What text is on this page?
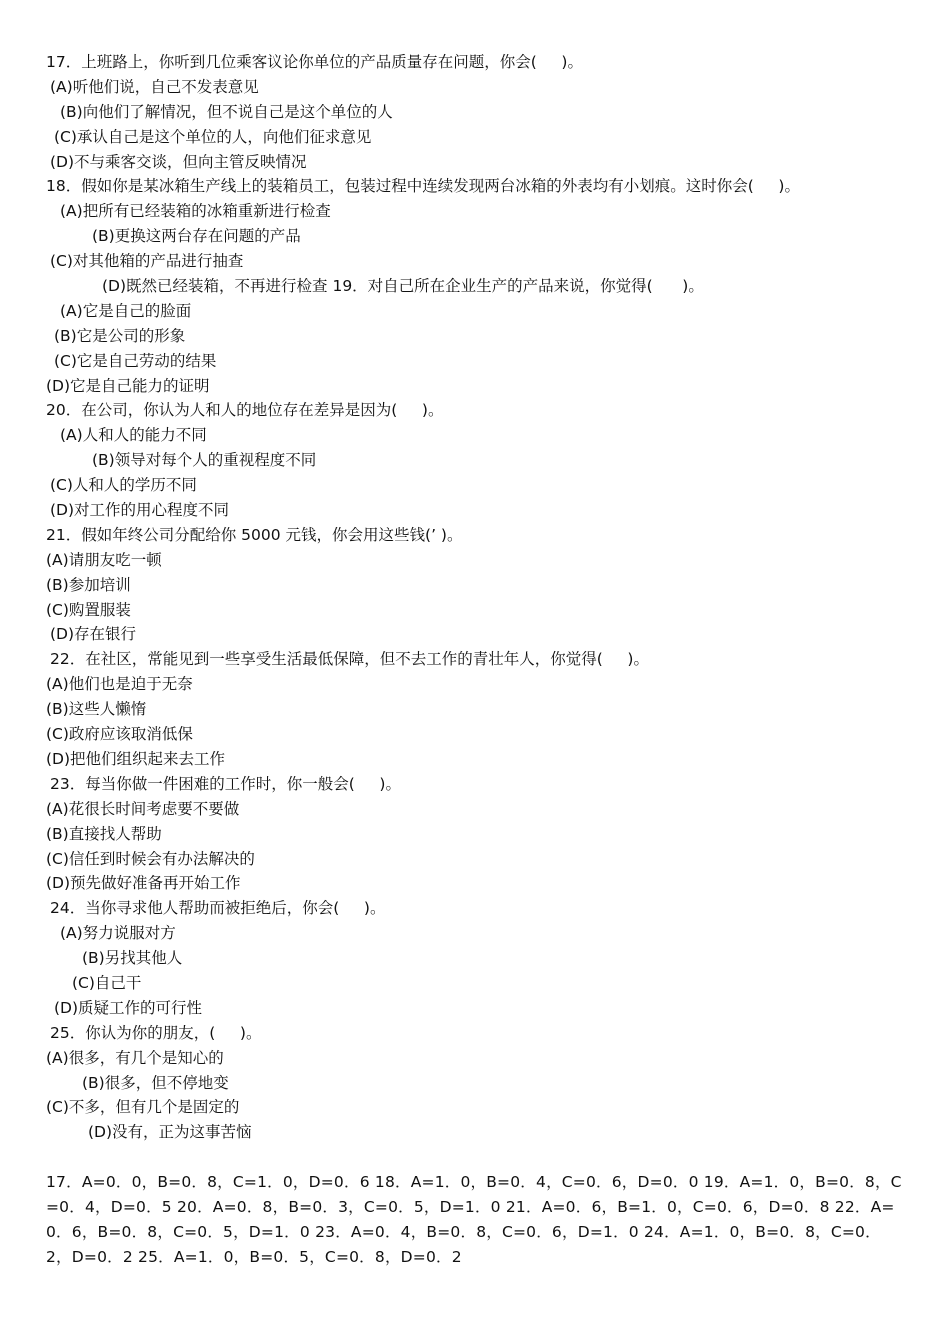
17．上班路上，你听到几位乘客议论你单位的产品质量存在问题，你会(     )。
(A)听他们说，自己不发表意见
(B)向他们了解情况，但不说自己是这个单位的人
(C)承认自己是这个单位的人，向他们征求意见
(D)不与乘客交谈，但向主管反映情况
18．假如你是某冰箱生产线上的装箱员工，包装过程中连续发现两台冰箱的外表均有小划痕。这时你会(     )。
(A)把所有已经装箱的冰箱重新进行检查
(B)更换这两台存在问题的产品
(C)对其他箱的产品进行抽查
(D)既然已经装箱，不再进行检查 19．对自己所在企业生产的产品来说，你觉得(      )。
(A)它是自己的脸面
(B)它是公司的形象
(C)它是自己劳动的结果
(D)它是自己能力的证明
20．在公司，你认为人和人的地位存在差异是因为(     )。
(A)人和人的能力不同
(B)领导对每个人的重视程度不同
(C)人和人的学历不同
(D)对工作的用心程度不同
21．假如年终公司分配给你 5000 元钱，你会用这些钱(’ )。
(A)请朋友吃一顿
(B)参加培训
(C)购置服装
(D)存在银行
22．在社区，常能见到一些享受生活最低保障，但不去工作的青壮年人，你觉得(     )。
(A)他们也是迫于无奈
(B)这些人懒惰
(C)政府应该取消低保
(D)把他们组织起来去工作
23．每当你做一件困难的工作时，你一般会(     )。
(A)花很长时间考虑要不要做
(B)直接找人帮助
(C)信任到时候会有办法解决的
(D)预先做好准备再开始工作
24．当你寻求他人帮助而被拒绝后，你会(     )。
(A)努力说服对方
(B)另找其他人
(C)自己干
(D)质疑工作的可行性
25．你认为你的朋友，(     )。
(A)很多，有几个是知心的
(B)很多，但不停地变
(C)不多，但有几个是固定的
(D)没有，正为这事苦恼
17．A=0．0，B=0．8，C=1．0，D=0．6 18．A=1．0，B=0．4，C=0．6，D=0．0 19．A=1．0，B=0．8，C=0．4，D=0．5 20．A=0．8，B=0．3，C=0．5，D=1．0 21．A=0．6，B=1．0，C=0．6，D=0．8 22．A=0．6，B=0．8，C=0．5，D=1．0 23．A=0．4，B=0．8，C=0．6，D=1．0 24．A=1．0，B=0．8，C=0．2，D=0．2 25．A=1．0，B=0．5，C=0．8，D=0．2
